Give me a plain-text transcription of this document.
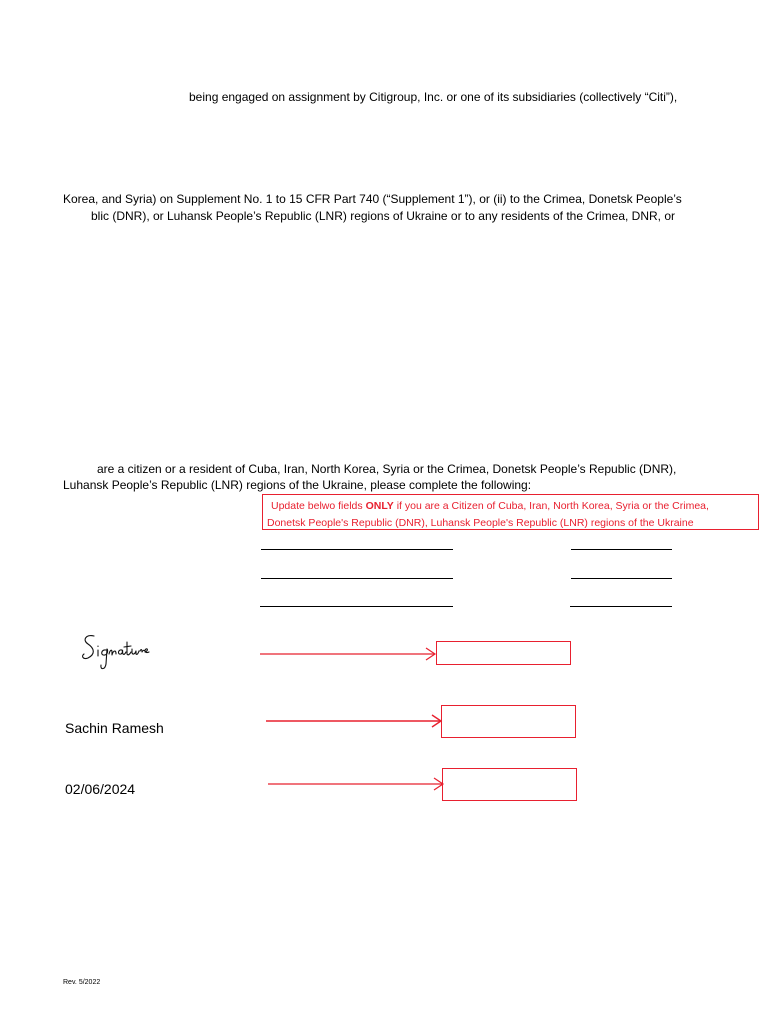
being engaged on assignment by Citigroup, Inc. or one of its subsidiaries (collectively “Citi”),
Korea, and Syria) on Supplement No. 1 to 15 CFR Part 740 (“Supplement 1”), or (ii) to the Crimea, Donetsk People’s
blic (DNR), or Luhansk People’s Republic (LNR) regions of Ukraine or to any residents of the Crimea, DNR, or
are a citizen or a resident of Cuba, Iran, North Korea, Syria or the Crimea, Donetsk People’s Republic (DNR),
Luhansk People’s Republic (LNR) regions of the Ukraine, please complete the following:
Update belwo fields ONLY if you are a Citizen of Cuba, Iran, North Korea, Syria or the Crimea,
Donetsk People's Republic (DNR), Luhansk People's Republic (LNR) regions of the Ukraine
Sachin Ramesh
02/06/2024
Rev. 5/2022
